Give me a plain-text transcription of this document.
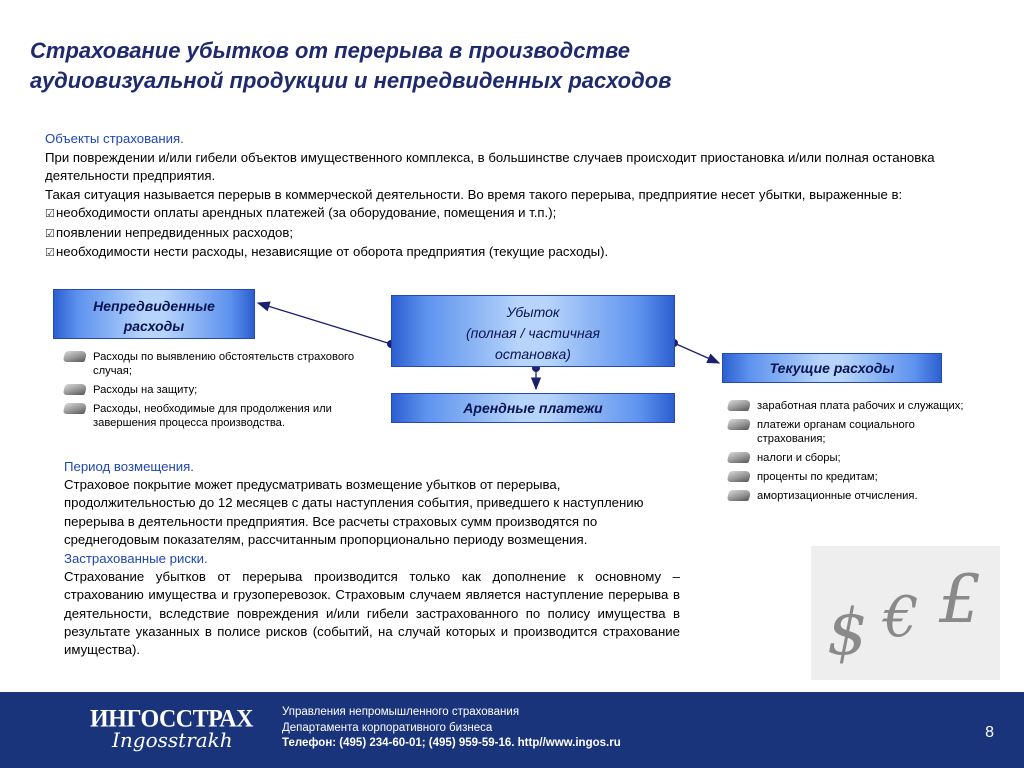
Страхование убытков от перерыва в производстве
аудиовизуальной продукции и непредвиденных расходов
Объекты страхования.
При повреждении и/или гибели объектов имущественного комплекса, в большинстве случаев происходит приостановка и/или полная остановка деятельности предприятия.
Такая ситуация называется перерыв в коммерческой деятельности. Во время такого перерыва, предприятие несет убытки, выраженные в:
☑ необходимости оплаты арендных платежей (за оборудование, помещения и т.п.);
☑ появлении непредвиденных расходов;
☑ необходимости нести расходы, независящие от оборота предприятия (текущие расходы).
Непредвиденные
расходы
Убыток
(полная / частичная
остановка)
Текущие расходы
Арендные платежи
Расходы по выявлению обстоятельств страхового случая;
Расходы на защиту;
Расходы, необходимые для продолжения или завершения процесса производства.
заработная плата рабочих и служащих;
платежи органам социального страхования;
налоги и сборы;
проценты по кредитам;
амортизационные отчисления.
Период возмещения.
Страховое покрытие может предусматривать возмещение убытков от перерыва, продолжительностью до 12 месяцев с даты наступления события, приведшего к наступлению перерыва в деятельности предприятия. Все расчеты страховых сумм производятся по среднегодовым показателям, рассчитанным пропорционально периоду возмещения.
Застрахованные риски.
Страхование убытков от перерыва производится только как дополнение к основному – страхованию имущества и грузоперевозок. Страховым случаем является наступление перерыва в деятельности, вследствие повреждения и/или гибели застрахованного по полису имущества в результате указанных в полисе рисков (событий, на случай которых и производится страхование имущества).	$ € £
ИНГОССТРАХ
Ingosstrakh
Управления непромышленного страхования
Департамента корпоративного бизнеса
Телефон: (495) 234-60-01; (495) 959-59-16. http//www.ingos.ru
8
